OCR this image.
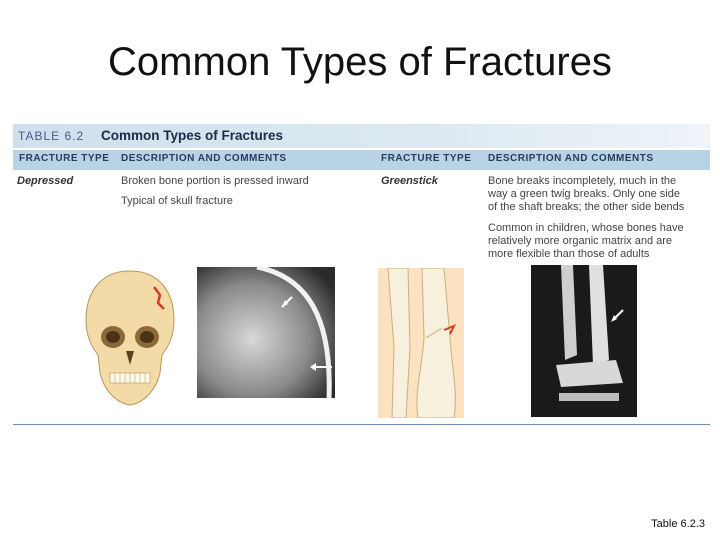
Common Types of Fractures
TABLE 6.2 Common Types of Fractures
FRACTURE TYPE DESCRIPTION AND COMMENTS	FRACTURE TYPE DESCRIPTION AND COMMENTS
Depressed	Broken bone portion is pressed inward
Typical of skull fracture
Greenstick	Bone breaks incompletely, much in the
way a green twig breaks. Only one side
of the shaft breaks; the other side bends
Common in children, whose bones have
relatively more organic matrix and are
more flexible than those of adults
Table 6.2.3
